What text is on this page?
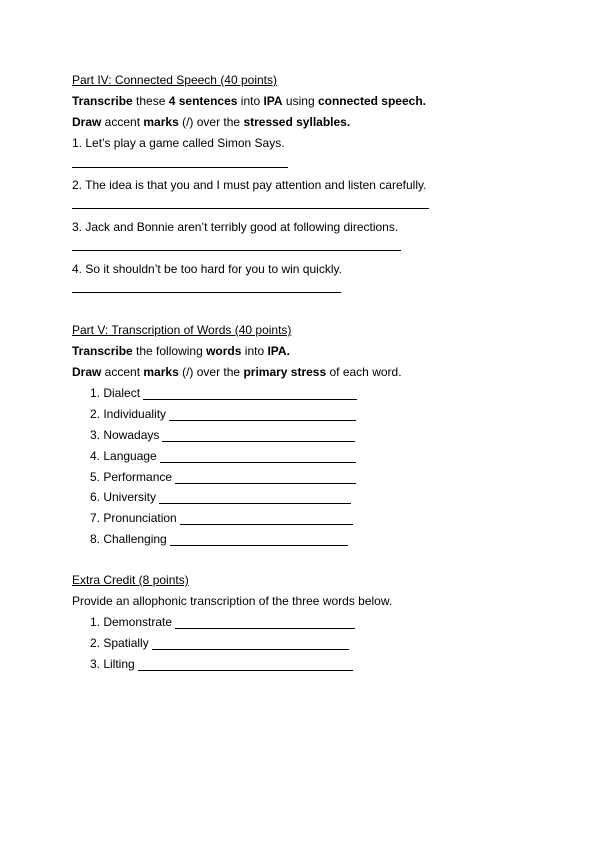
Part IV: Connected Speech (40 points)
Transcribe these 4 sentences into IPA using connected speech.
Draw accent marks (/) over the stressed syllables.
1. Let’s play a game called Simon Says.
2. The idea is that you and I must pay attention and listen carefully.
3. Jack and Bonnie aren’t terribly good at following directions.
4. So it shouldn’t be too hard for you to win quickly.
Part V: Transcription of Words (40 points)
Transcribe the following words into IPA.
Draw accent marks (/) over the primary stress of each word.
1. Dialect
2. Individuality
3. Nowadays
4. Language
5. Performance
6. University
7. Pronunciation
8. Challenging
Extra Credit (8 points)
Provide an allophonic transcription of the three words below.
1. Demonstrate
2. Spatially
3. Lilting
